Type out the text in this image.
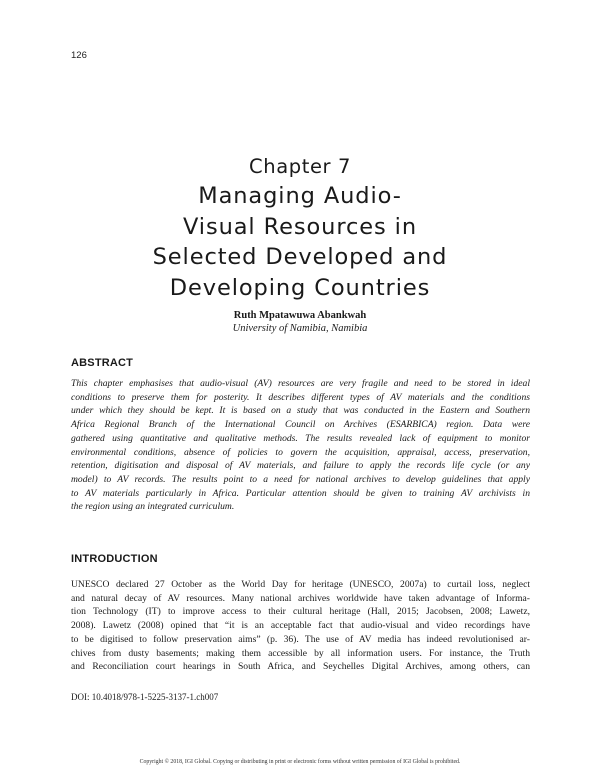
126
Chapter 7
Managing Audio-
Visual Resources in
Selected Developed and
Developing Countries
Ruth Mpatawuwa Abankwah
University of Namibia, Namibia
ABSTRACT
This chapter emphasises that audio-visual (AV) resources are very fragile and need to be stored in ideal
conditions to preserve them for posterity. It describes different types of AV materials and the conditions
under which they should be kept. It is based on a study that was conducted in the Eastern and Southern
Africa Regional Branch of the International Council on Archives (ESARBICA) region. Data were
gathered using quantitative and qualitative methods. The results revealed lack of equipment to monitor
environmental conditions, absence of policies to govern the acquisition, appraisal, access, preservation,
retention, digitisation and disposal of AV materials, and failure to apply the records life cycle (or any
model) to AV records. The results point to a need for national archives to develop guidelines that apply
to AV materials particularly in Africa. Particular attention should be given to training AV archivists in
the region using an integrated curriculum.
INTRODUCTION
UNESCO declared 27 October as the World Day for heritage (UNESCO, 2007a) to curtail loss, neglect
and natural decay of AV resources. Many national archives worldwide have taken advantage of Informa-
tion Technology (IT) to improve access to their cultural heritage (Hall, 2015; Jacobsen, 2008; Lawetz,
2008). Lawetz (2008) opined that “it is an acceptable fact that audio-visual and video recordings have
to be digitised to follow preservation aims” (p. 36). The use of AV media has indeed revolutionised ar-
chives from dusty basements; making them accessible by all information users. For instance, the Truth
and Reconciliation court hearings in South Africa, and Seychelles Digital Archives, among others, can
DOI: 10.4018/978-1-5225-3137-1.ch007
Copyright © 2018, IGI Global. Copying or distributing in print or electronic forms without written permission of IGI Global is prohibited.
